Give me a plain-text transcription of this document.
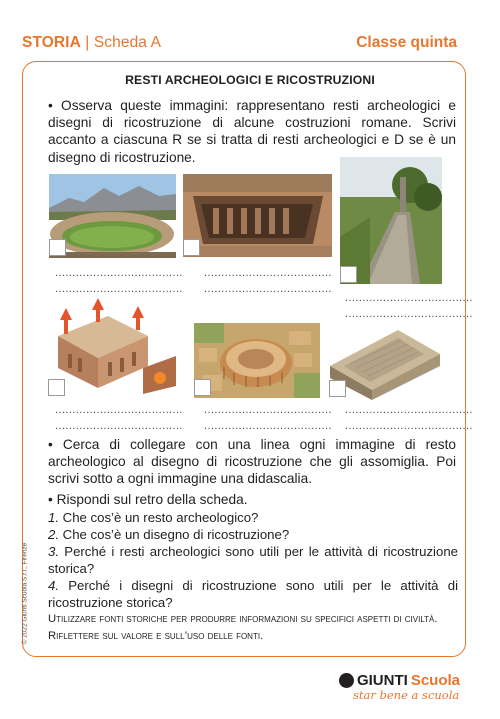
STORIA | Scheda A	Classe quinta
RESTI ARCHEOLOGICI E RICOSTRUZIONI
• Osserva queste immagini: rappresentano resti archeologici e disegni di ricostruzione di alcune costruzioni romane. Scrivi accanto a ciascuna R se si tratta di resti archeologici e D se è un disegno di ricostruzione.
.....................................
.....................................
.....................................
.....................................
.....................................
.....................................
.....................................
.....................................
.....................................
.....................................
.....................................
.....................................
• Cerca di collegare con una linea ogni immagine di resto archeologico al disegno di ricostruzione che gli assomiglia. Poi scrivi sotto a ogni immagine una didascalia.
• Rispondi sul retro della scheda.
1. Che cos’è un resto archeologico?
2. Che cos’è un disegno di ricostruzione?
3. Perché i resti archeologici sono utili per le attività di ricostruzione storica?
4. Perché i disegni di ricostruzione sono utili per le attività di ricostruzione storica?
Utilizzare fonti storiche per produrre informazioni su specifici aspetti di civiltà. Riflettere sul valore e sull’uso delle fonti.
© 2022 Giunti Scuola S.r.l., Firenze
GIUNTI Scuola
star bene a scuola
